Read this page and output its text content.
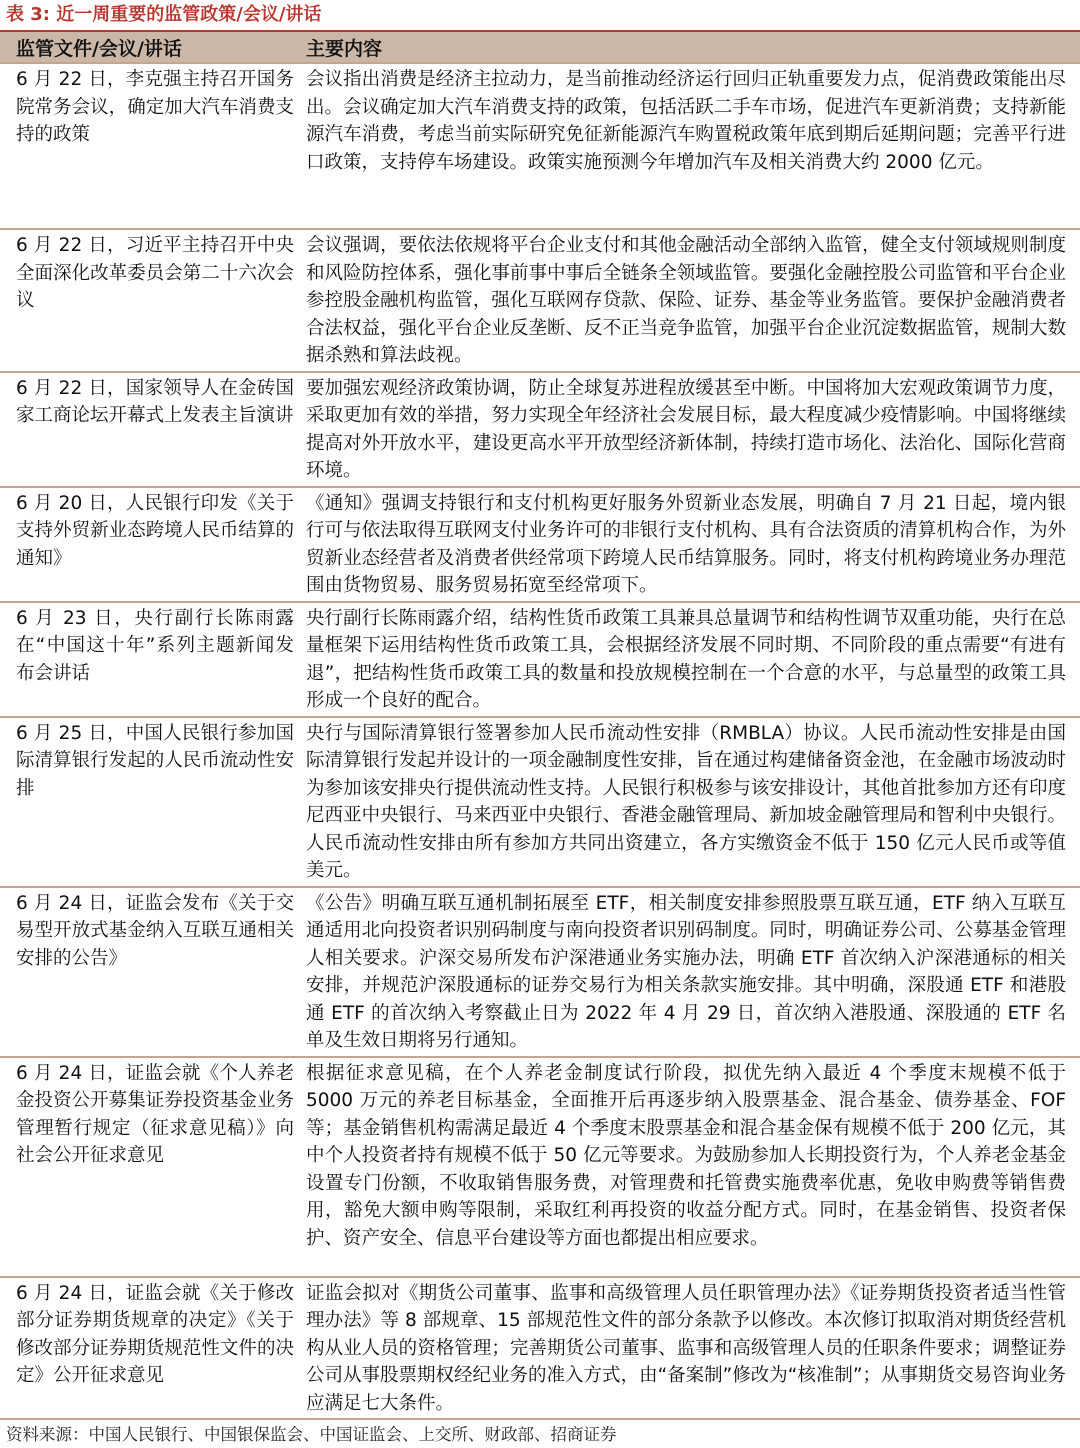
表 3: 近一周重要的监管政策/会议/讲话
监管文件/会议/讲话	主要内容
6 月 22 日，李克强主持召开国务院常务会议，确定加大汽车消费支持的政策	会议指出消费是经济主拉动力，是当前推动经济运行回归正轨重要发力点，促消费政策能出尽出。会议确定加大汽车消费支持的政策，包括活跃二手车市场，促进汽车更新消费；支持新能源汽车消费，考虑当前实际研究免征新能源汽车购置税政策年底到期后延期问题；完善平行进口政策，支持停车场建设。政策实施预测今年增加汽车及相关消费大约 2000 亿元。
6 月 22 日，习近平主持召开中央全面深化改革委员会第二十六次会议	会议强调，要依法依规将平台企业支付和其他金融活动全部纳入监管，健全支付领域规则制度和风险防控体系，强化事前事中事后全链条全领域监管。要强化金融控股公司监管和平台企业参控股金融机构监管，强化互联网存贷款、保险、证券、基金等业务监管。要保护金融消费者合法权益，强化平台企业反垄断、反不正当竞争监管，加强平台企业沉淀数据监管，规制大数据杀熟和算法歧视。
6 月 22 日，国家领导人在金砖国家工商论坛开幕式上发表主旨演讲	要加强宏观经济政策协调，防止全球复苏进程放缓甚至中断。中国将加大宏观政策调节力度，采取更加有效的举措，努力实现全年经济社会发展目标，最大程度减少疫情影响。中国将继续提高对外开放水平，建设更高水平开放型经济新体制，持续打造市场化、法治化、国际化营商环境。
6 月 20 日，人民银行印发《关于支持外贸新业态跨境人民币结算的通知》	《通知》强调支持银行和支付机构更好服务外贸新业态发展，明确自 7 月 21 日起，境内银行可与依法取得互联网支付业务许可的非银行支付机构、具有合法资质的清算机构合作，为外贸新业态经营者及消费者供经常项下跨境人民币结算服务。同时，将支付机构跨境业务办理范围由货物贸易、服务贸易拓宽至经常项下。
6 月 23 日，央行副行长陈雨露在“中国这十年”系列主题新闻发布会讲话	央行副行长陈雨露介绍，结构性货币政策工具兼具总量调节和结构性调节双重功能，央行在总量框架下运用结构性货币政策工具，会根据经济发展不同时期、不同阶段的重点需要“有进有退”，把结构性货币政策工具的数量和投放规模控制在一个合意的水平，与总量型的政策工具形成一个良好的配合。
6 月 25 日，中国人民银行参加国际清算银行发起的人民币流动性安排	央行与国际清算银行签署参加人民币流动性安排（RMBLA）协议。人民币流动性安排是由国际清算银行发起并设计的一项金融制度性安排，旨在通过构建储备资金池，在金融市场波动时为参加该安排央行提供流动性支持。人民银行积极参与该安排设计，其他首批参加方还有印度尼西亚中央银行、马来西亚中央银行、香港金融管理局、新加坡金融管理局和智利中央银行。人民币流动性安排由所有参加方共同出资建立，各方实缴资金不低于 150 亿元人民币或等值美元。
6 月 24 日，证监会发布《关于交易型开放式基金纳入互联互通相关安排的公告》	《公告》明确互联互通机制拓展至 ETF，相关制度安排参照股票互联互通，ETF 纳入互联互通适用北向投资者识别码制度与南向投资者识别码制度。同时，明确证券公司、公募基金管理人相关要求。沪深交易所发布沪深港通业务实施办法，明确 ETF 首次纳入沪深港通标的相关安排，并规范沪深股通标的证券交易行为相关条款实施安排。其中明确，深股通 ETF 和港股通 ETF 的首次纳入考察截止日为 2022 年 4 月 29 日，首次纳入港股通、深股通的 ETF 名单及生效日期将另行通知。
6 月 24 日，证监会就《个人养老金投资公开募集证券投资基金业务管理暂行规定（征求意见稿）》向社会公开征求意见	根据征求意见稿，在个人养老金制度试行阶段，拟优先纳入最近 4 个季度末规模不低于 5000 万元的养老目标基金，全面推开后再逐步纳入股票基金、混合基金、债券基金、FOF 等；基金销售机构需满足最近 4 个季度末股票基金和混合基金保有规模不低于 200 亿元，其中个人投资者持有规模不低于 50 亿元等要求。为鼓励参加人长期投资行为，个人养老金基金设置专门份额，不收取销售服务费，对管理费和托管费实施费率优惠，免收申购费等销售费用，豁免大额申购等限制，采取红利再投资的收益分配方式。同时，在基金销售、投资者保护、资产安全、信息平台建设等方面也都提出相应要求。
6 月 24 日，证监会就《关于修改部分证券期货规章的决定》《关于修改部分证券期货规范性文件的决定》公开征求意见	证监会拟对《期货公司董事、监事和高级管理人员任职管理办法》《证券期货投资者适当性管理办法》等 8 部规章、15 部规范性文件的部分条款予以修改。本次修订拟取消对期货经营机构从业人员的资格管理；完善期货公司董事、监事和高级管理人员的任职条件要求；调整证券公司从事股票期权经纪业务的准入方式，由“备案制”修改为“核准制”；从事期货交易咨询业务应满足七大条件。
资料来源：中国人民银行、中国银保监会、中国证监会、上交所、财政部、招商证券
